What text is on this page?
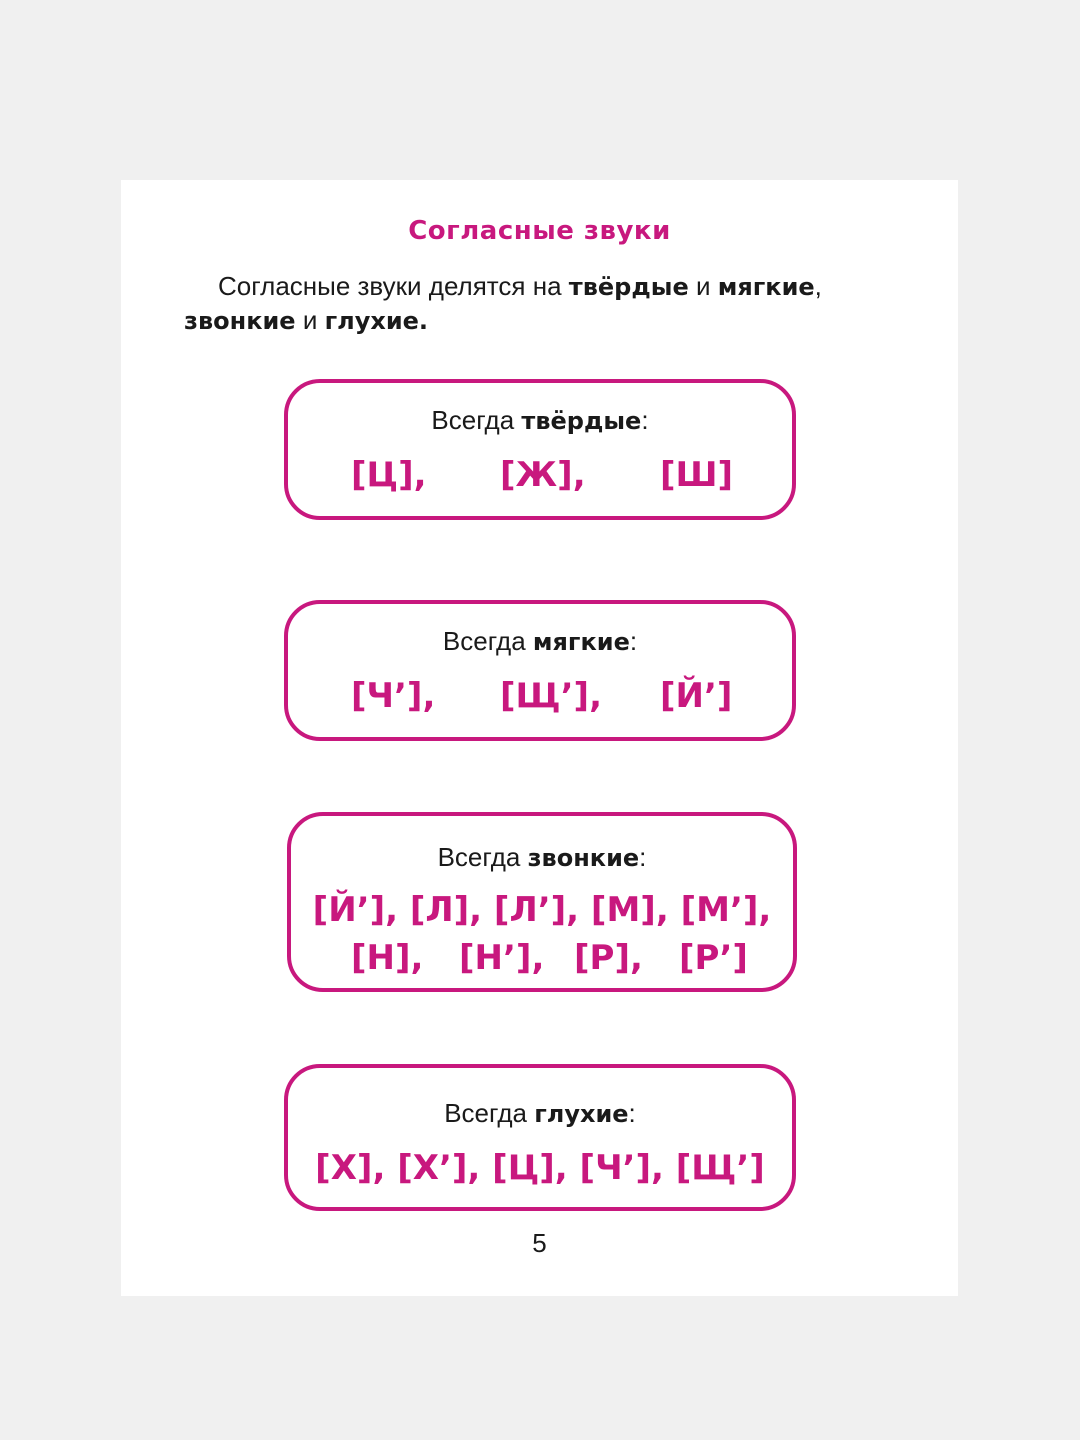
Согласные звуки
Согласные звуки делятся на твёрдые и мягкие,
звонкие и глухие.
Всегда твёрдые:
[Ц], [Ж], [Ш]
Всегда мягкие:
[Ч’], [Щ’], [Й’]
Всегда звонкие:
[Й’], [Л], [Л’], [М], [М’],
[Н], [Н’], [Р], [Р’]
Всегда глухие:
[Х], [Х’], [Ц], [Ч’], [Щ’]
5
